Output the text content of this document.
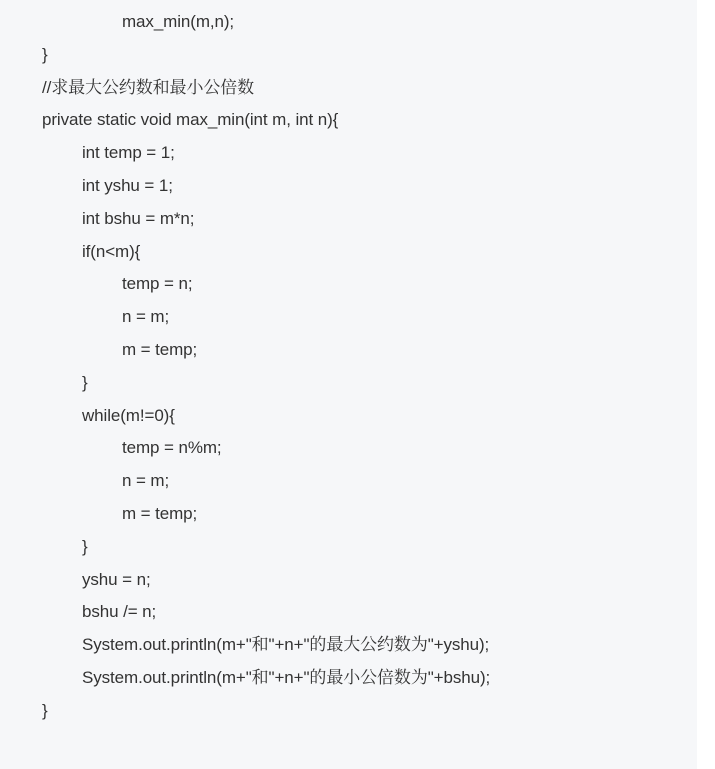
max_min(m,n);
}
//求最大公约数和最小公倍数
private static void max_min(int m, int n){
int temp = 1;
int yshu = 1;
int bshu = m*n;
if(n<m){
temp = n;
n = m;
m = temp;
}
while(m!=0){
temp = n%m;
n = m;
m = temp;
}
yshu = n;
bshu /= n;
System.out.println(m+"和"+n+"的最大公约数为"+yshu);
System.out.println(m+"和"+n+"的最小公倍数为"+bshu);
}
